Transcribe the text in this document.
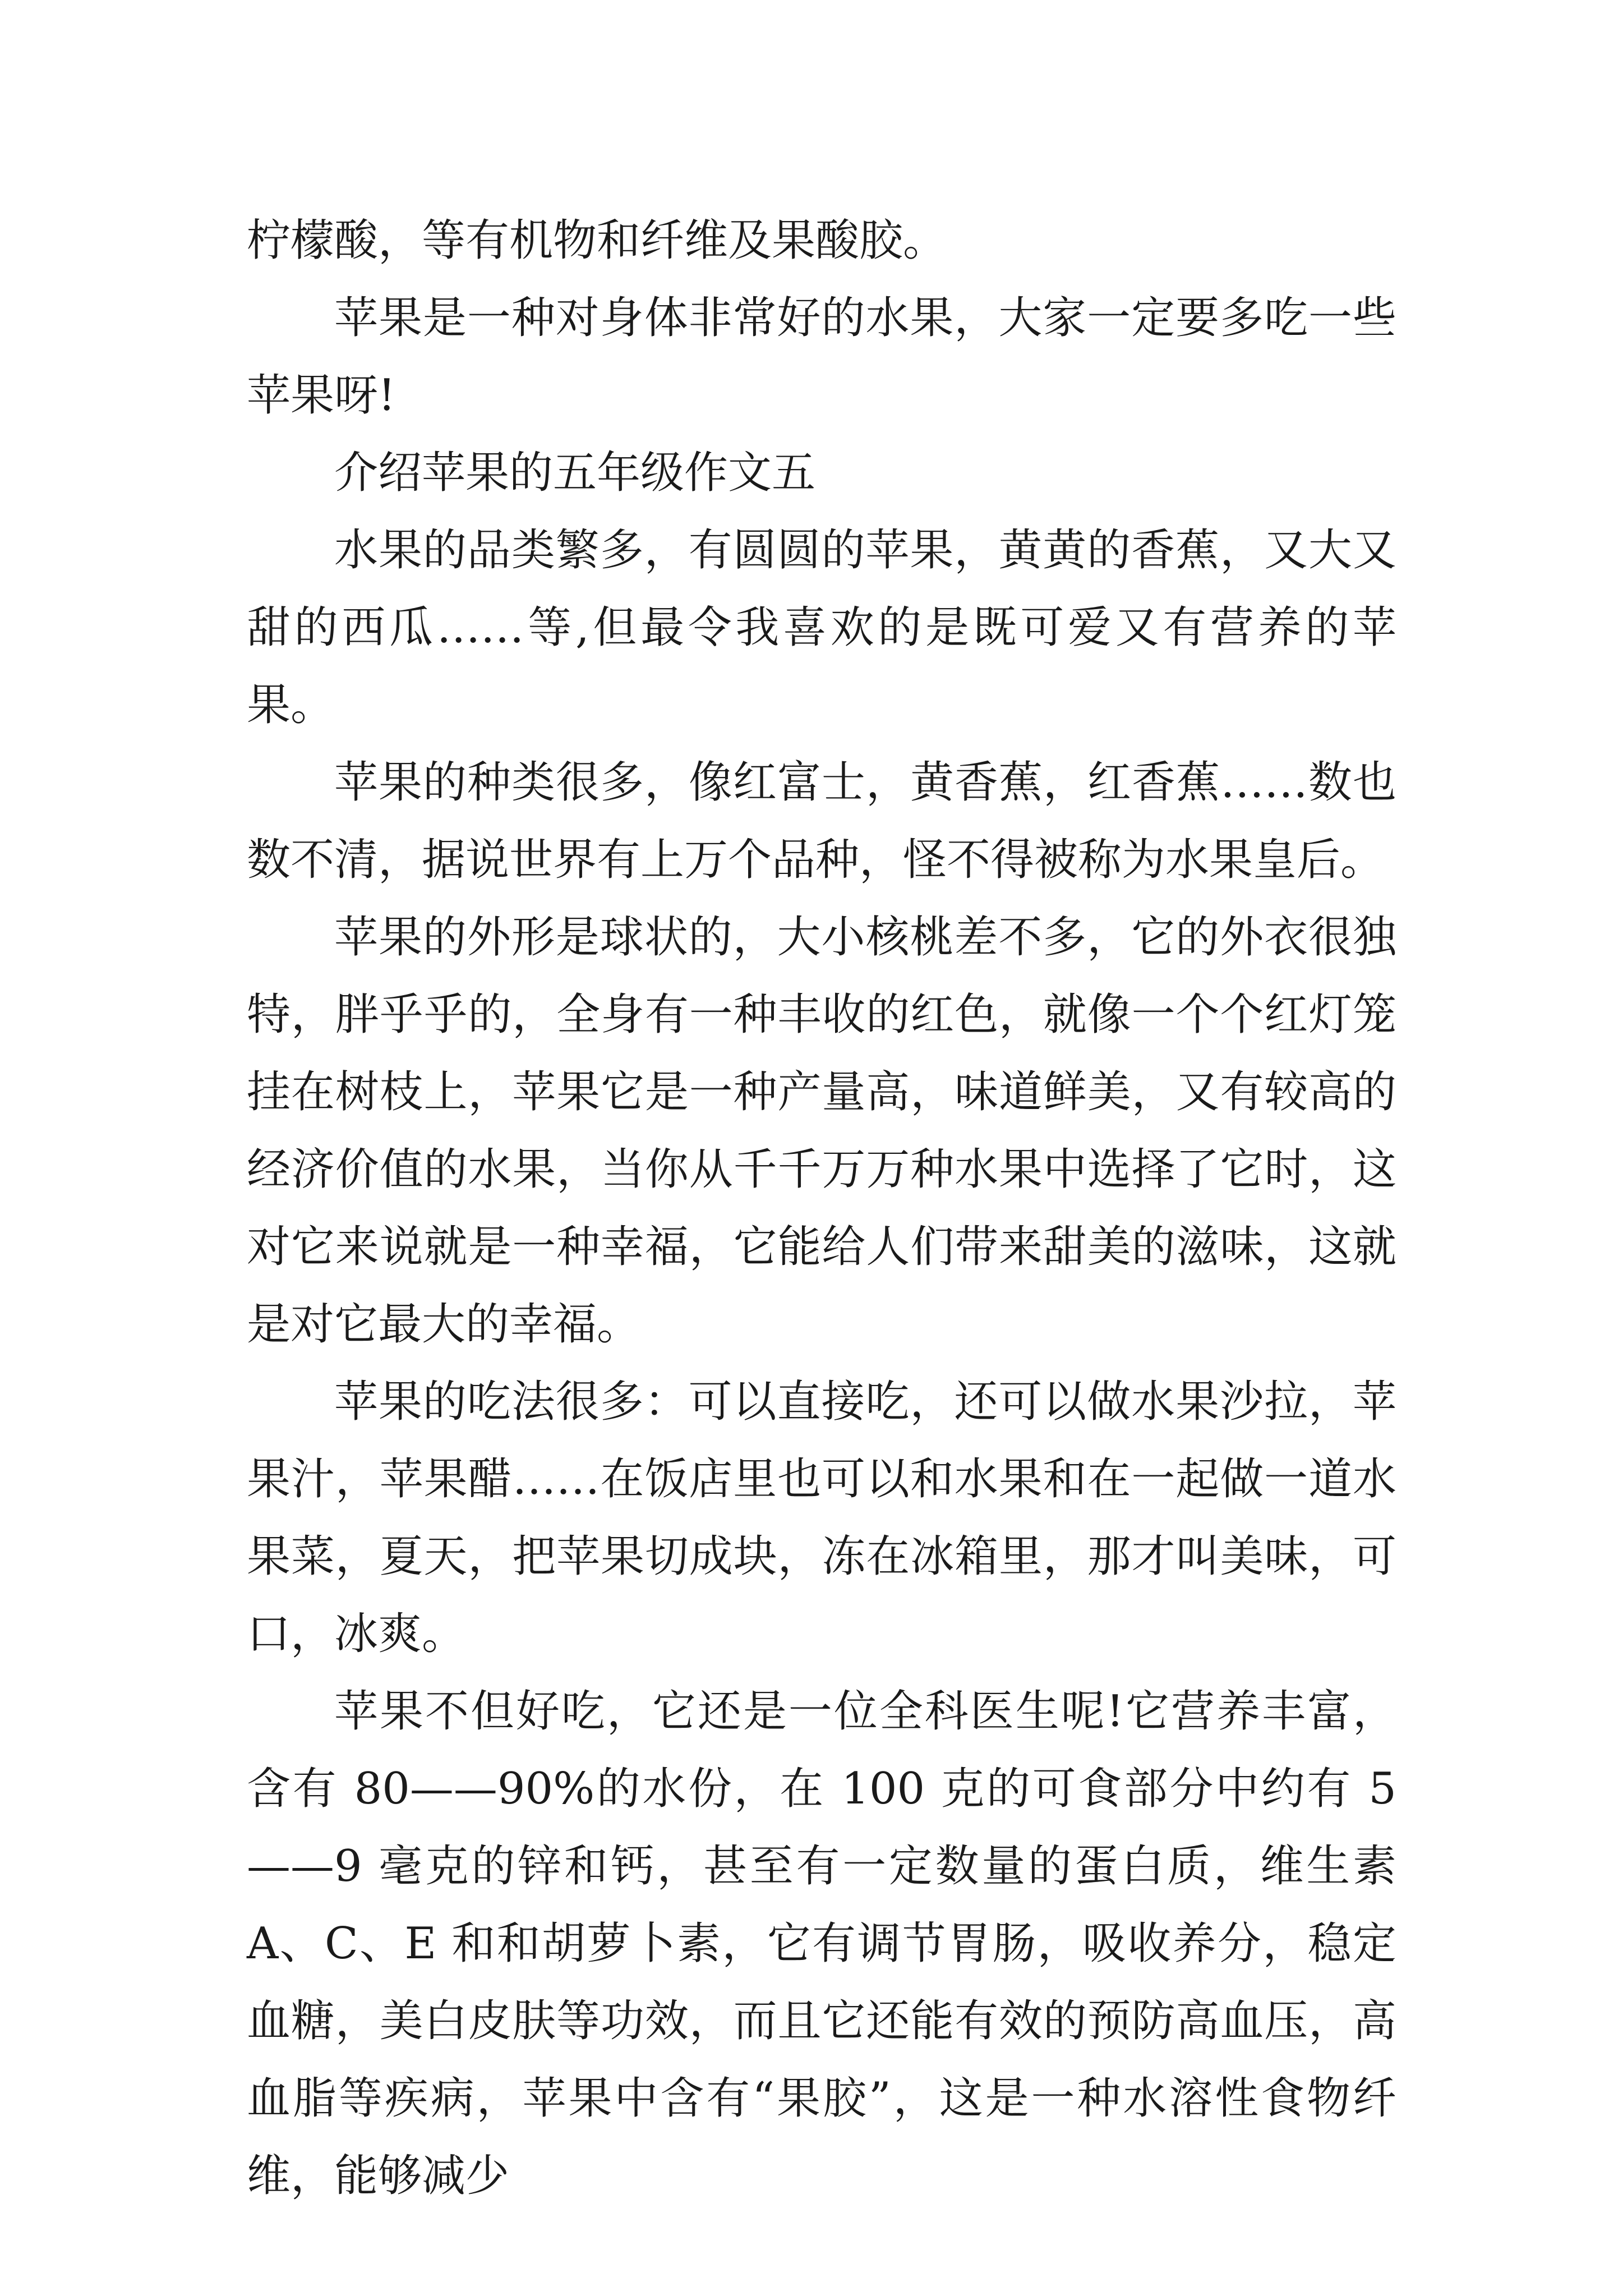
柠檬酸，等有机物和纤维及果酸胶。

苹果是一种对身体非常好的水果，大家一定要多吃一些苹果呀!

介绍苹果的五年级作文五

水果的品类繁多，有圆圆的苹果，黄黄的香蕉，又大又甜的西瓜……等,但最令我喜欢的是既可爱又有营养的苹果。

苹果的种类很多，像红富士，黄香蕉，红香蕉……数也数不清，据说世界有上万个品种，怪不得被称为水果皇后。

苹果的外形是球状的，大小核桃差不多，它的外衣很独特，胖乎乎的，全身有一种丰收的红色，就像一个个红灯笼挂在树枝上，苹果它是一种产量高，味道鲜美，又有较高的经济价值的水果，当你从千千万万种水果中选择了它时，这对它来说就是一种幸福，它能给人们带来甜美的滋味，这就是对它最大的幸福。

苹果的吃法很多：可以直接吃，还可以做水果沙拉，苹果汁，苹果醋……在饭店里也可以和水果和在一起做一道水果菜，夏天，把苹果切成块，冻在冰箱里，那才叫美味，可口，冰爽。

苹果不但好吃，它还是一位全科医生呢!它营养丰富，含有 80——90%的水份，在 100 克的可食部分中约有 5——9 毫克的锌和钙，甚至有一定数量的蛋白质，维生素 A、C、E 和和胡萝卜素，它有调节胃肠，吸收养分，稳定血糖，美白皮肤等功效，而且它还能有效的预防高血压，高血脂等疾病，苹果中含有“果胶”，这是一种水溶性食物纤维，能够减少
